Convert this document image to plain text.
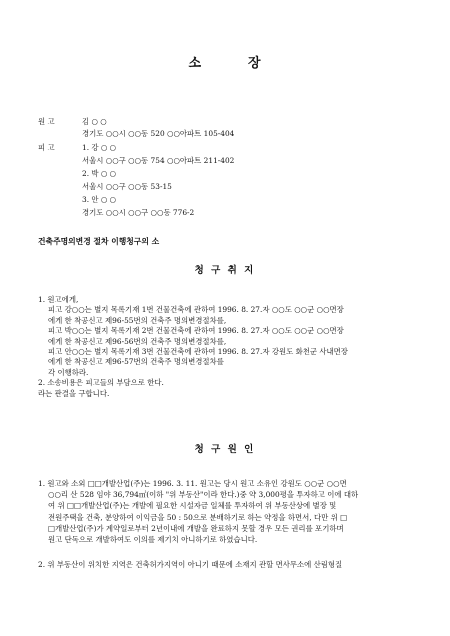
소	장
원 고	김 ○ ○
경기도 ○○시 ○○동 520 ○○아파트 105-404
피 고	1. 강 ○ ○
서울시 ○○구 ○○동 754 ○○아파트 211-402
2. 박 ○ ○
서울시 ○○구 ○○동 53-15
3. 안 ○ ○
경기도 ○○시 ○○구 ○○동 776-2
건축주명의변경 절차 이행청구의 소
청 구 취 지
1. 원고에게,
피고 강○○는 별지 목록기재 1번 건물건축에 관하여 1996. 8. 27.자 ○○도 ○○군 ○○면장
에게 한 착공신고 제96-55번의 건축주 명의변경절차를,
피고 박○○는 별지 목록기재 2번 건물건축에 관하여 1996. 8. 27.자 ○○도 ○○군 ○○면장
에게 한 착공신고 제96-56번의 건축주 명의변경절차를,
피고 안○○는 별지 목록기재 3번 건물건축에 관하여 1996. 8. 27.자 강원도 화천군 사내면장
에게 한 착공신고 제96-57번의 건축주 명의변경절차를
각 이행하라.
2. 소송비용은 피고들의 부담으로 한다.
라는 판결을 구합니다.
청 구 원 인
1. 원고와 소외 □□개발산업(주)는 1996. 3. 11. 원고는 당시 원고 소유인 강원도 ○○군 ○○면
○○리 산 528 임야 36,794㎡(이하 "위 부동산"이라 한다.)중 약 3,000평을 투자하고 이에 대하
여 위 □□개발산업(주)는 개발에 필요한 시설자금 일체를 투자하여 위 부동산상에 별장 및
전원주택을 건축, 분양하여 이익금을 50 : 50으로 분배하기로 하는 약정을 하면서, 다만 위 □
□개발산업(주)가 계약일로부터 2년이내에 개발을 완료하지 못할 경우 모든 권리를 포기하며
원고 단독으로 개발하여도 이의를 제기치 아니하기로 하였습니다.
2. 위 부동산이 위치한 지역은 건축허가지역이 아니기 때문에 소재지 관할 면사무소에 산림형질
